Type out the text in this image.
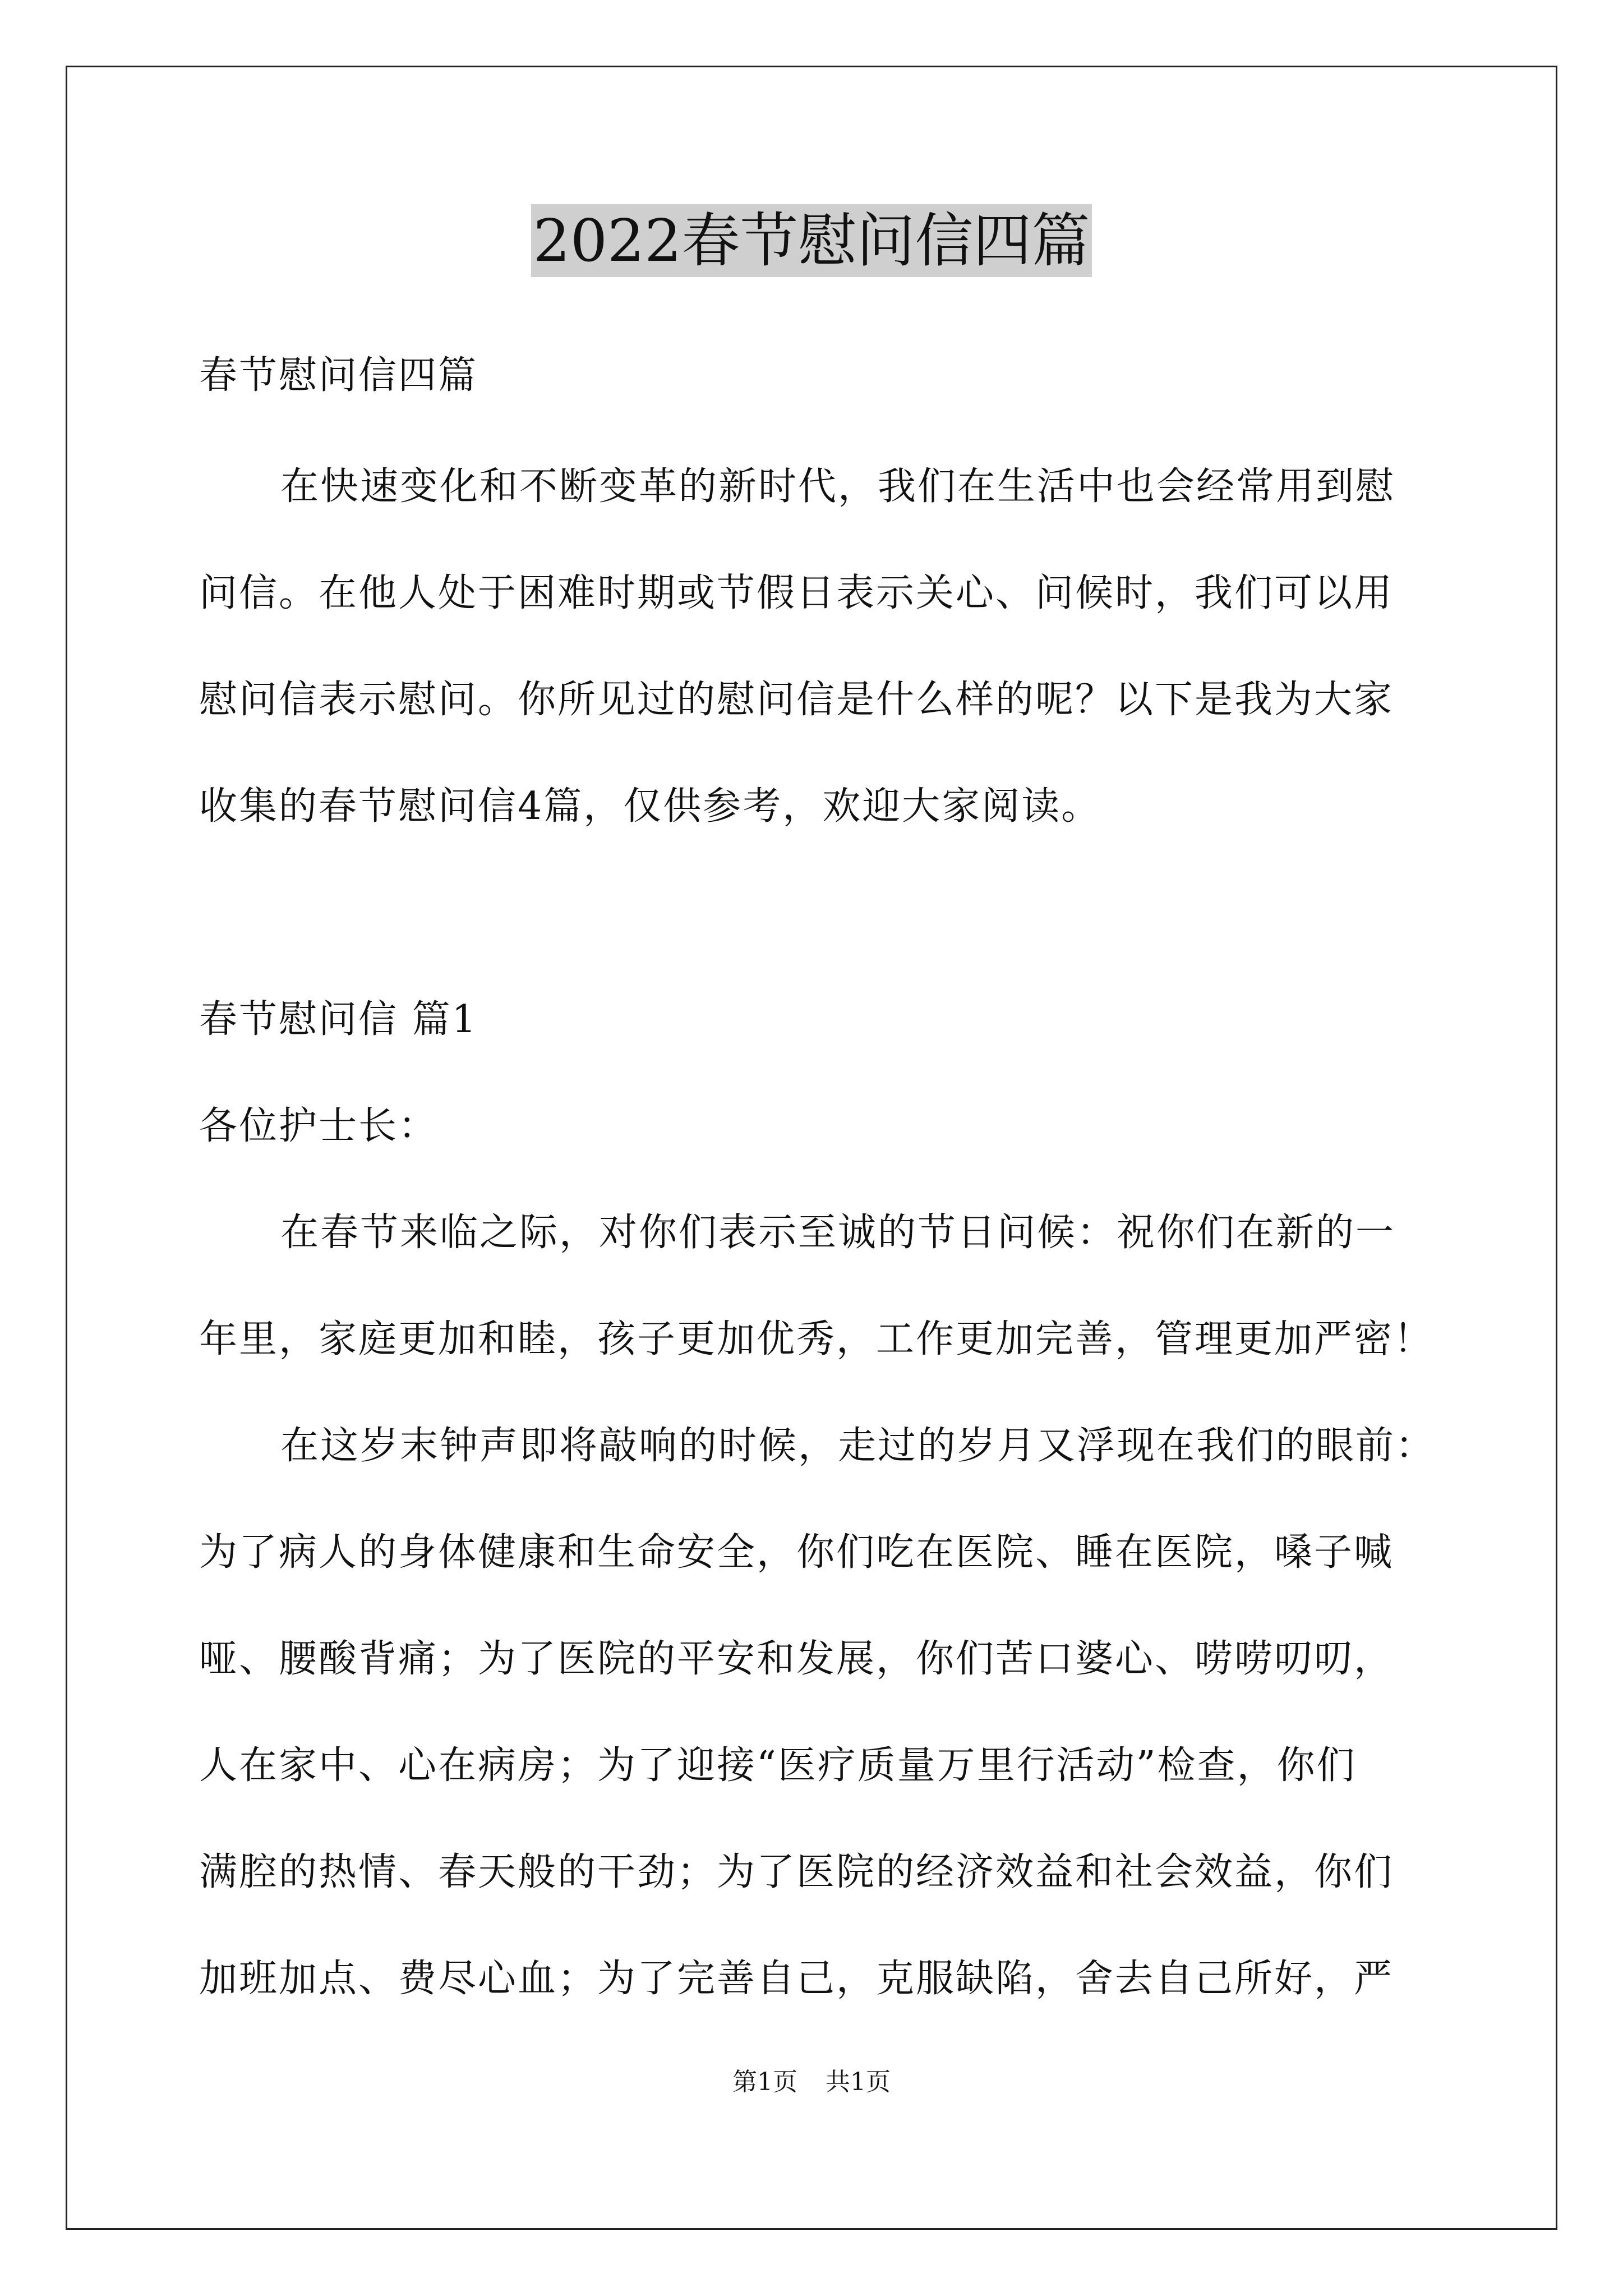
2022春节慰问信四篇
春节慰问信四篇
在快速变化和不断变革的新时代，我们在生活中也会经常用到慰
问信。在他人处于困难时期或节假日表示关心、问候时，我们可以用
慰问信表示慰问。你所见过的慰问信是什么样的呢？以下是我为大家
收集的春节慰问信4篇，仅供参考，欢迎大家阅读。
春节慰问信 篇1
各位护士长：
在春节来临之际，对你们表示至诚的节日问候：祝你们在新的一
年里，家庭更加和睦，孩子更加优秀，工作更加完善，管理更加严密！
在这岁末钟声即将敲响的时候，走过的岁月又浮现在我们的眼前：
为了病人的身体健康和生命安全，你们吃在医院、睡在医院，嗓子喊
哑、腰酸背痛；为了医院的平安和发展，你们苦口婆心、唠唠叨叨，
人在家中、心在病房；为了迎接“医疗质量万里行活动”检查，你们
满腔的热情、春天般的干劲；为了医院的经济效益和社会效益，你们
加班加点、费尽心血；为了完善自己，克服缺陷，舍去自己所好，严
第1页 共1页
